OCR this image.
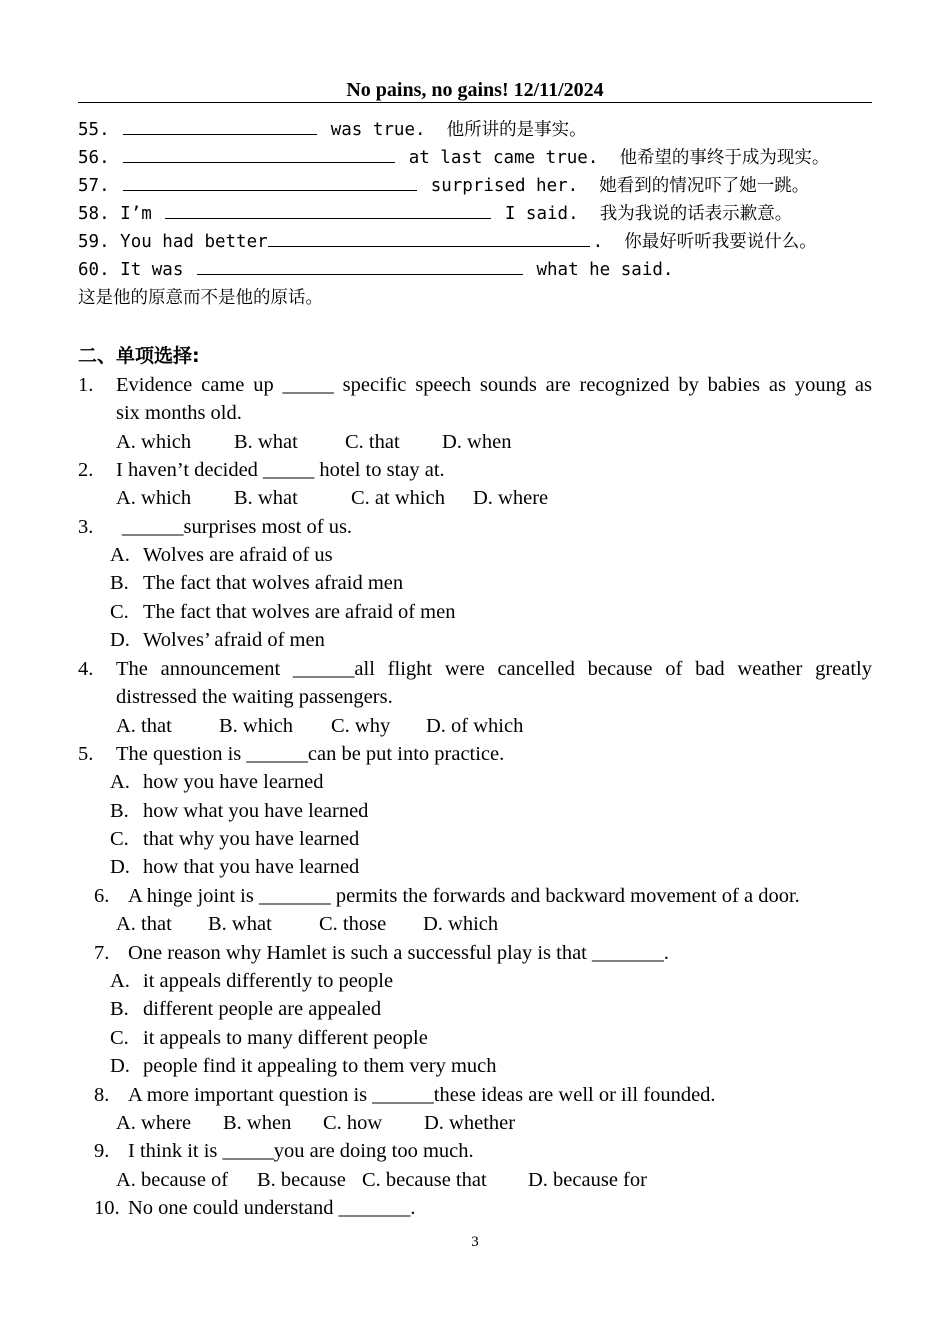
No pains, no gains! 12/11/2024
55.	was true. 他所讲的是事实。
56.	at last came true. 他希望的事终于成为现实。
57.	surprised her. 她看到的情况吓了她一跳。
58. I’m	I said. 我为我说的话表示歉意。
59. You had better	. 你最好听听我要说什么。
60. It was	what he said.
这是他的原意而不是他的原话。
二、单项选择:
1. Evidence came up _____ specific speech sounds are recognized by babies as young as
six months old.
A. which B. what C. that D. when
2. I haven’t decided _____ hotel to stay at.
A. which B. what	C. at which D. where
3. ______surprises most of us.
A. Wolves are afraid of us
B. The fact that wolves afraid men
C. The fact that wolves are afraid of men
D. Wolves’ afraid of men
4. The announcement ______all flight were cancelled because of bad weather greatly
distressed the waiting passengers.
A. that B. which C. why D. of which
5. The question is ______can be put into practice.
A. how you have learned
B. how what you have learned
C. that why you have learned
D. how that you have learned
6. A hinge joint is _______ permits the forwards and backward movement of a door.
A. that B. what C. those D. which
7. One reason why Hamlet is such a successful play is that _______.
A. it appeals differently to people
B. different people are appealed
C. it appeals to many different people
D. people find it appealing to them very much
8. A more important question is ______these ideas are well or ill founded.
A. where B. when C. how D. whether
9. I think it is _____you are doing too much.
A. because of B. because C. because that D. because for
10. No one could understand _______.
3
